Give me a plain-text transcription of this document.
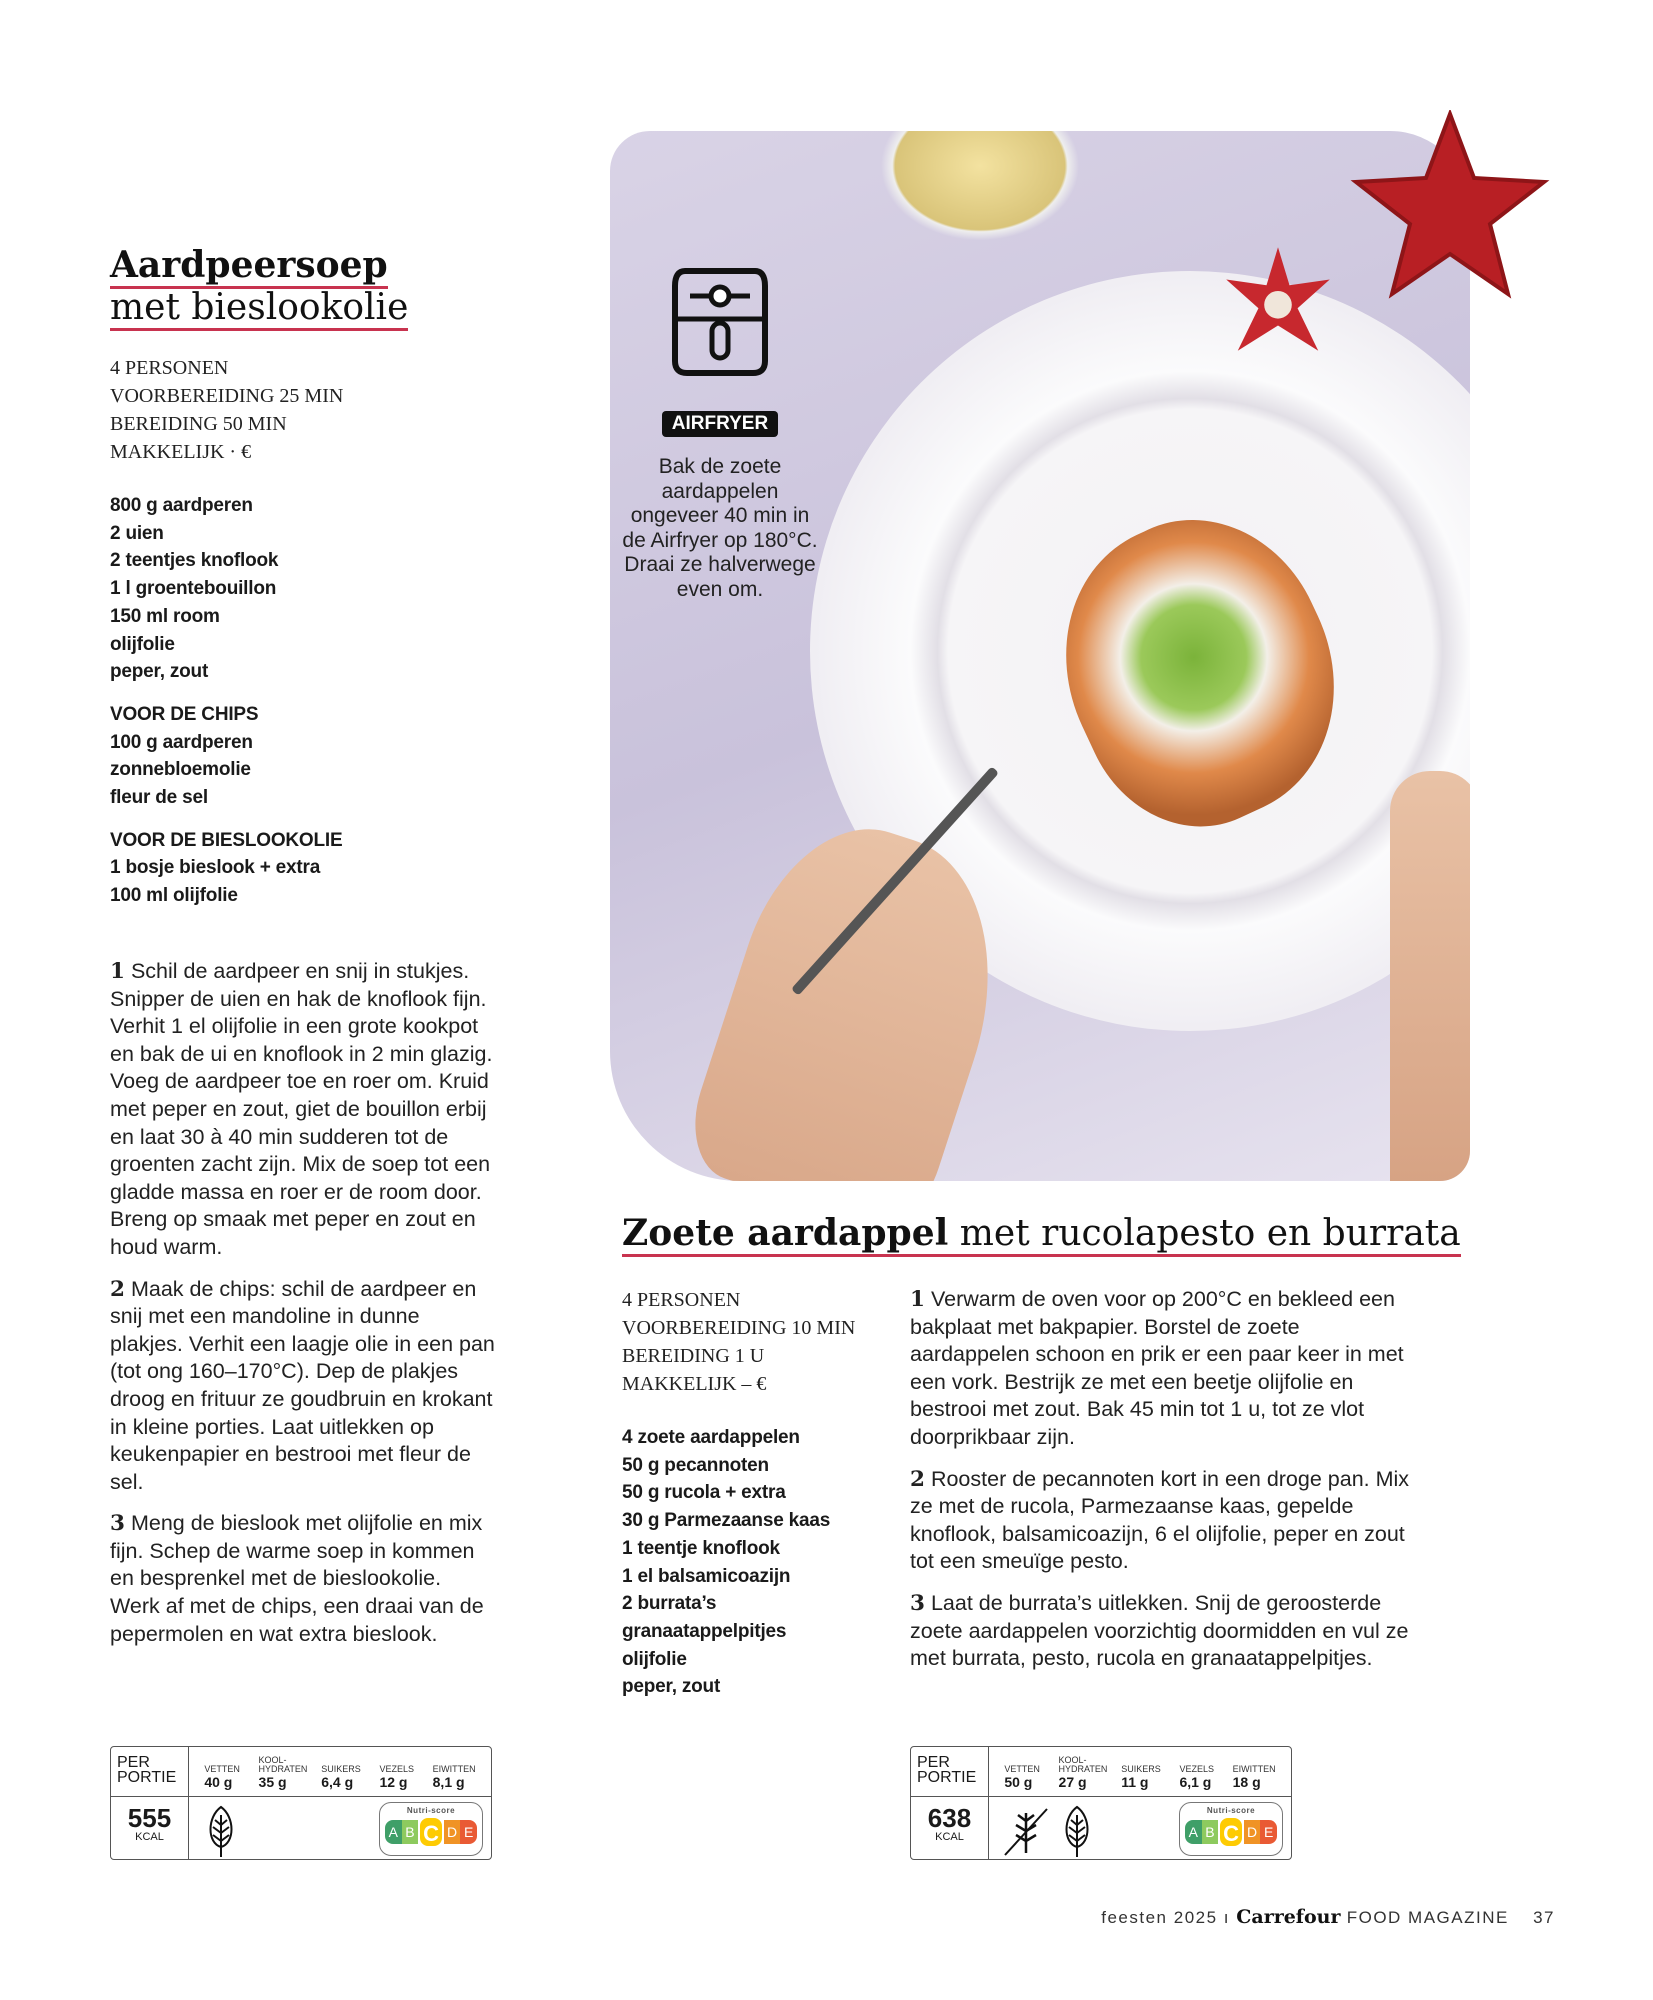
Aardpeersoep
met bieslookolie
4 PERSONEN
VOORBEREIDING 25 MIN
BEREIDING 50 MIN
MAKKELIJK · €
800 g aardperen
2 uien
2 teentjes knoflook
1 l groentebouillon
150 ml room
olijfolie
peper, zout
VOOR DE CHIPS
100 g aardperen
zonnebloemolie
fleur de sel
VOOR DE BIESLOOKOLIE
1 bosje bieslook + extra
100 ml olijfolie

1 Schil de aardpeer en snij in stukjes. Snipper de uien en hak de knoflook fijn. Verhit 1 el olijfolie in een grote kookpot en bak de ui en knoflook in 2 min glazig. Voeg de aardpeer toe en roer om. Kruid met peper en zout, giet de bouillon erbij en laat 30 à 40 min sudderen tot de groenten zacht zijn. Mix de soep tot een gladde massa en roer er de room door. Breng op smaak met peper en zout en houd warm.

2 Maak de chips: schil de aardpeer en snij met een mandoline in dunne plakjes. Verhit een laagje olie in een pan (tot ong 160–170°C). Dep de plakjes droog en frituur ze goudbruin en krokant in kleine porties. Laat uitlekken op keukenpapier en bestrooi met fleur de sel.

3 Meng de bieslook met olijfolie en mix fijn. Schep de warme soep in kommen en besprenkel met de bieslookolie. Werk af met de chips, een draai van de pepermolen en wat extra bieslook.

PER
PORTIE	VETTEN
40 g
KOOL-HYDRATEN
35 g
SUIKERS
6,4 g
VEZELS
12 g
EIWITTEN
8,1 g
555
KCAL
Nutri-score
A B C D E
AIRFRYER
Bak de zoete aardappelen ongeveer 40 min in de Airfryer op 180°C. Draai ze halverwege even om.
Zoete aardappel met rucolapesto en burrata
4 PERSONEN
VOORBEREIDING 10 MIN
BEREIDING 1 U
MAKKELIJK – €
4 zoete aardappelen
50 g pecannoten
50 g rucola + extra
30 g Parmezaanse kaas
1 teentje knoflook
1 el balsamicoazijn
2 burrata’s
granaatappelpitjes
olijfolie
peper, zout

1 Verwarm de oven voor op 200°C en bekleed een bakplaat met bakpapier. Borstel de zoete aardappelen schoon en prik er een paar keer in met een vork. Bestrijk ze met een beetje olijfolie en bestrooi met zout. Bak 45 min tot 1 u, tot ze vlot doorprikbaar zijn.

2 Rooster de pecannoten kort in een droge pan. Mix ze met de rucola, Parmezaanse kaas, gepelde knoflook, balsamicoazijn, 6 el olijfolie, peper en zout tot een smeuïge pesto.

3 Laat de burrata’s uitlekken. Snij de geroosterde zoete aardappelen voorzichtig doormidden en vul ze met burrata, pesto, rucola en granaatappelpitjes.

PER
PORTIE	VETTEN
50 g
KOOL-HYDRATEN
27 g
SUIKERS
11 g
VEZELS
6,1 g
EIWITTEN
18 g
638
KCAL
Nutri-score
A B C D E
feesten 2025 ı Carrefour FOOD MAGAZINE 37
